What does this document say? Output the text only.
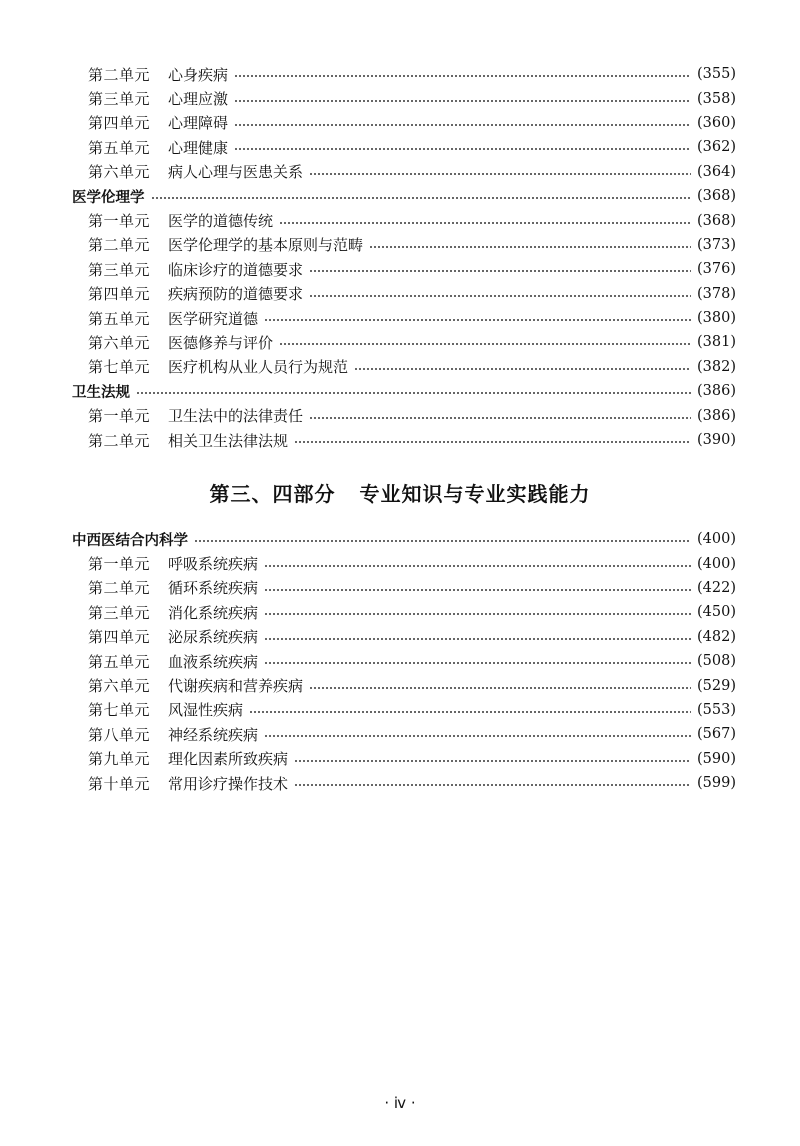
第二单元	心身疾病	(355)
第三单元	心理应激	(358)
第四单元	心理障碍	(360)
第五单元	心理健康	(362)
第六单元	病人心理与医患关系	(364)
医学伦理学	(368)
第一单元	医学的道德传统	(368)
第二单元	医学伦理学的基本原则与范畴	(373)
第三单元	临床诊疗的道德要求	(376)
第四单元	疾病预防的道德要求	(378)
第五单元	医学研究道德	(380)
第六单元	医德修养与评价	(381)
第七单元	医疗机构从业人员行为规范	(382)
卫生法规	(386)
第一单元	卫生法中的法律责任	(386)
第二单元	相关卫生法律法规	(390)
第三、四部分 专业知识与专业实践能力
中西医结合内科学	(400)
第一单元	呼吸系统疾病	(400)
第二单元	循环系统疾病	(422)
第三单元	消化系统疾病	(450)
第四单元	泌尿系统疾病	(482)
第五单元	血液系统疾病	(508)
第六单元	代谢疾病和营养疾病	(529)
第七单元	风湿性疾病	(553)
第八单元	神经系统疾病	(567)
第九单元	理化因素所致疾病	(590)
第十单元	常用诊疗操作技术	(599)
· ⅳ ·
